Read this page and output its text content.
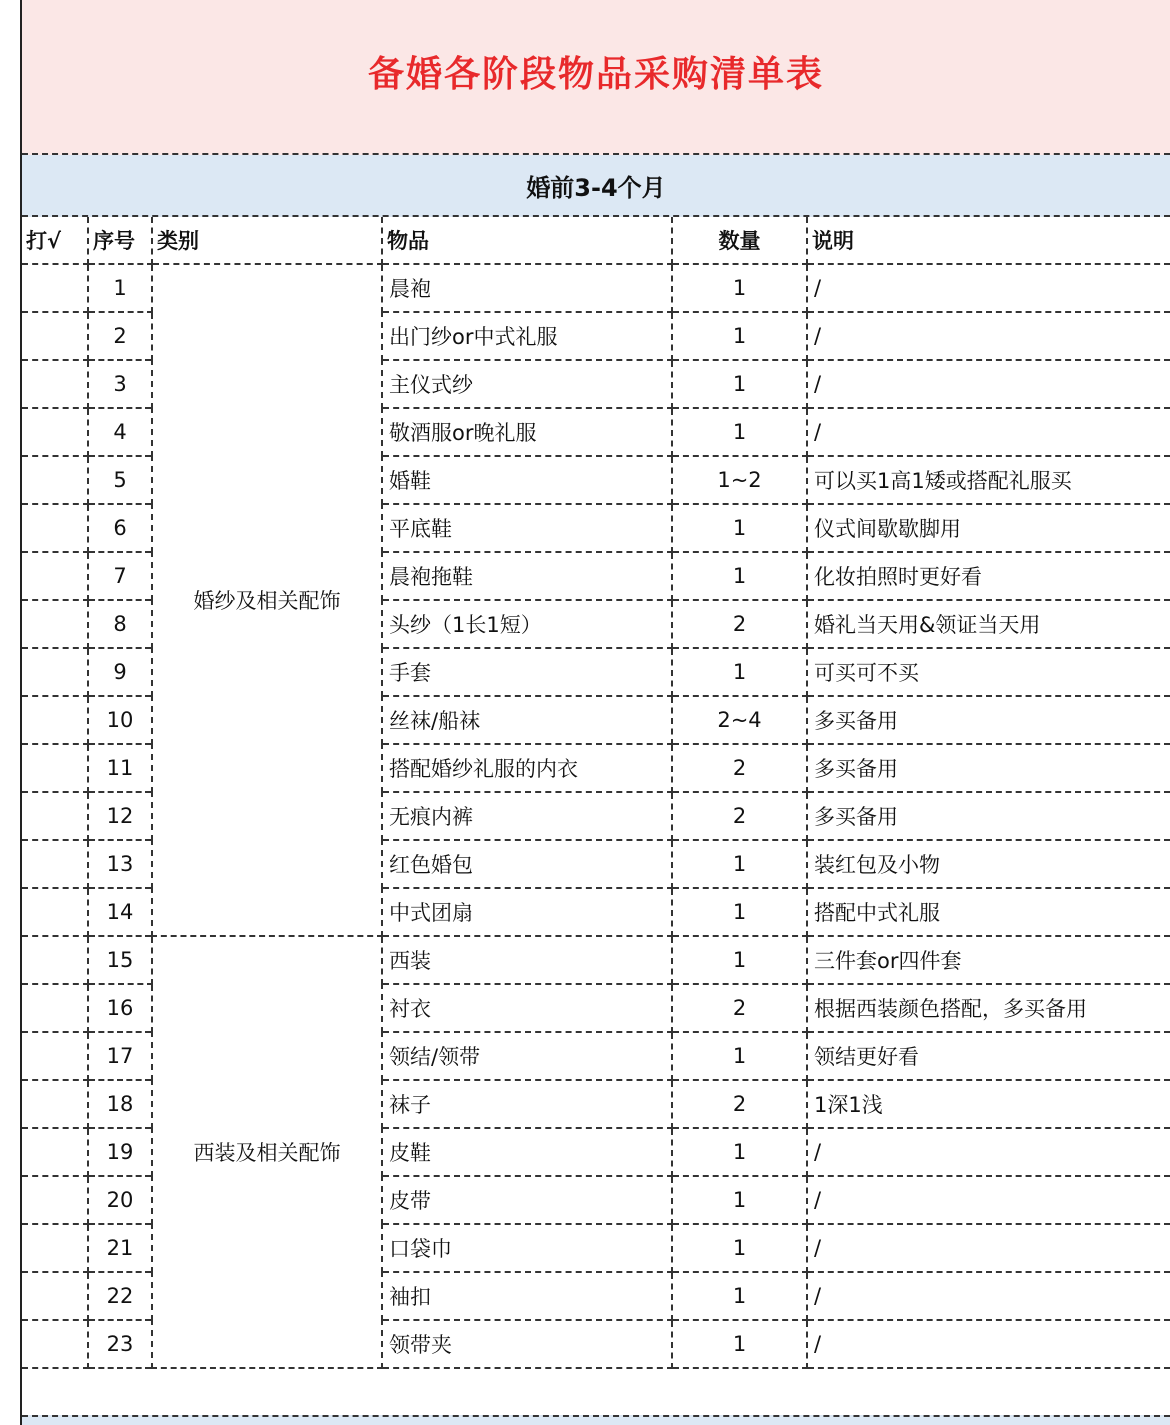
备婚各阶段物品采购清单表
婚前3-4个月
打√	序号	类别	物品	数量	说明
	1	婚纱及相关配饰	晨袍	1	/
	2		出门纱or中式礼服	1	/
	3		主仪式纱	1	/
	4		敬酒服or晚礼服	1	/
	5		婚鞋	1~2	可以买1高1矮或搭配礼服买
	6		平底鞋	1	仪式间歇歇脚用
	7		晨袍拖鞋	1	化妆拍照时更好看
	8		头纱（1长1短）	2	婚礼当天用&领证当天用
	9		手套	1	可买可不买
	10		丝袜/船袜	2~4	多买备用
	11		搭配婚纱礼服的内衣	2	多买备用
	12		无痕内裤	2	多买备用
	13		红色婚包	1	装红包及小物
	14		中式团扇	1	搭配中式礼服
	15	西装及相关配饰	西装	1	三件套or四件套
	16		衬衣	2	根据西装颜色搭配，多买备用
	17		领结/领带	1	领结更好看
	18		袜子	2	1深1浅
	19		皮鞋	1	/
	20		皮带	1	/
	21		口袋巾	1	/
	22		袖扣	1	/
	23		领带夹	1	/
